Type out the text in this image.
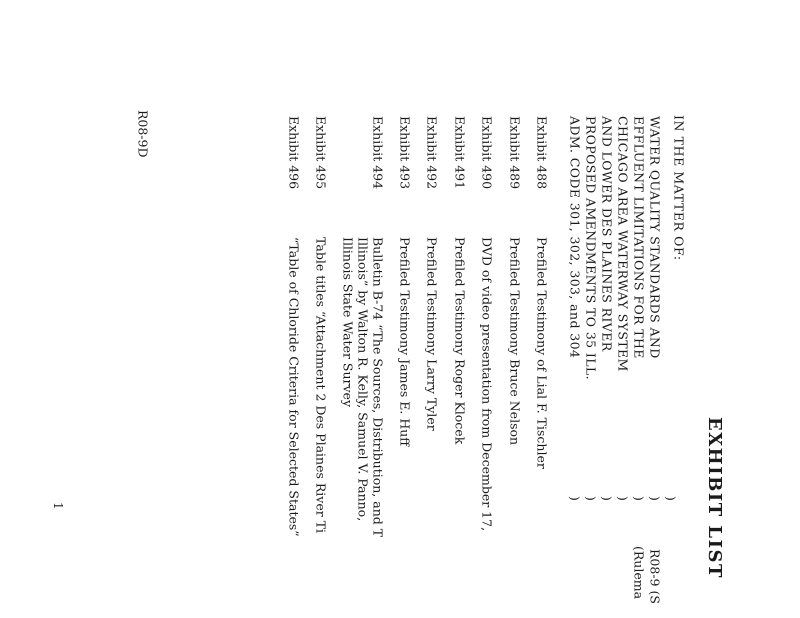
R08-9D
EXHIBIT LIST
IN THE MATTER OF:
WATER QUALITY STANDARDS AND
EFFLUENT LIMITATIONS FOR THE
CHICAGO AREA WATERWAY SYSTEM
AND LOWER DES PLAINES RIVER
PROPOSED AMENDMENTS TO 35 ILL.
ADM. CODE 301, 302, 303, and 304
)
)
)
)
)
)
)
R08-9 (S
(Rulema
Exhibit 488
Prefiled Testimony of Lial F. Tischler
Exhibit 489
Prefiled Testimony Bruce Nelson
Exhibit 490
DVD of video presentation from December 17,
Exhibit 491
Prefiled Testimony Roger Klocek
Exhibit 492
Prefiled Testimony Larry Tyler
Exhibit 493
Prefiled Testimony James E. Huff
Exhibit 494
Bulletin B-74 “The Sources, Distribution, and T
Illinois” by Walton R. Kelly, Samuel V. Panno,
Illinois State Water Survey
Exhibit 495
Table titles “Attachment 2 Des Plaines River Ti
Exhibit 496
“Table of Chloride Criteria for Selected States”
1
